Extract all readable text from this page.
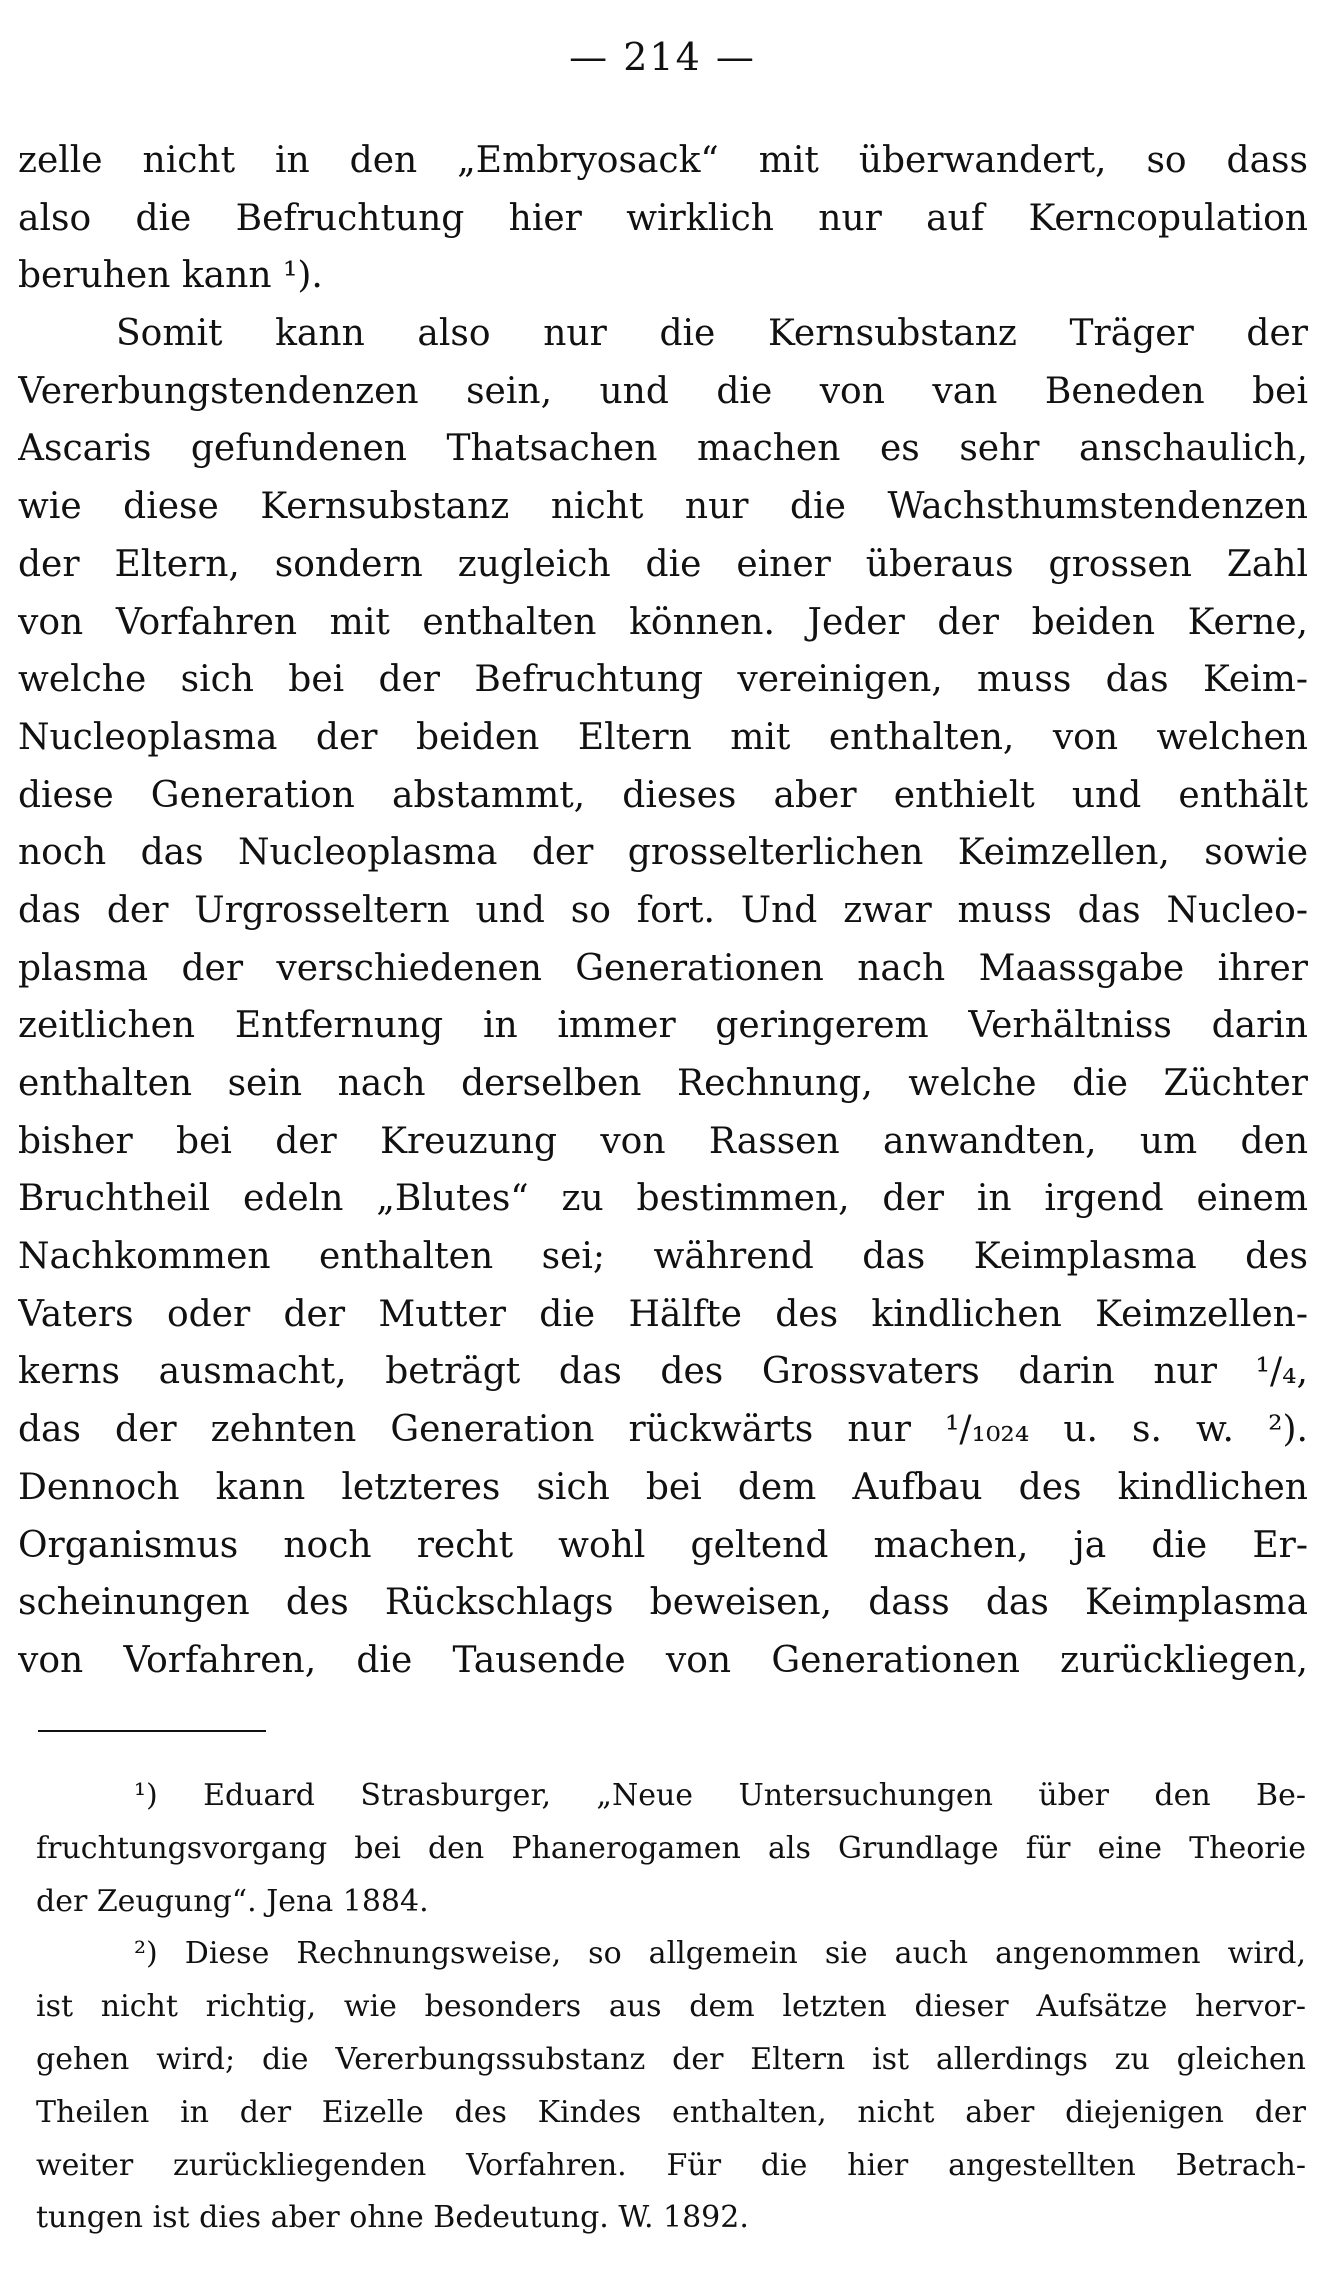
— 214 —
zelle nicht in den „Embryosack“ mit überwandert, so dass
also die Befruchtung hier wirklich nur auf Kerncopulation
beruhen kann ¹).
Somit kann also nur die Kernsubstanz Träger der
Vererbungstendenzen sein, und die von van Beneden bei
Ascaris gefundenen Thatsachen machen es sehr anschaulich,
wie diese Kernsubstanz nicht nur die Wachsthumstendenzen
der Eltern, sondern zugleich die einer überaus grossen Zahl
von Vorfahren mit enthalten können. Jeder der beiden Kerne,
welche sich bei der Befruchtung vereinigen, muss das Keim-
Nucleoplasma der beiden Eltern mit enthalten, von welchen
diese Generation abstammt, dieses aber enthielt und enthält
noch das Nucleoplasma der grosselterlichen Keimzellen, sowie
das der Urgrosseltern und so fort. Und zwar muss das Nucleo-
plasma der verschiedenen Generationen nach Maassgabe ihrer
zeitlichen Entfernung in immer geringerem Verhältniss darin
enthalten sein nach derselben Rechnung, welche die Züchter
bisher bei der Kreuzung von Rassen anwandten, um den
Bruchtheil edeln „Blutes“ zu bestimmen, der in irgend einem
Nachkommen enthalten sei; während das Keimplasma des
Vaters oder der Mutter die Hälfte des kindlichen Keimzellen-
kerns ausmacht, beträgt das des Grossvaters darin nur ¹/₄,
das der zehnten Generation rückwärts nur ¹/₁₀₂₄ u. s. w. ²).
Dennoch kann letzteres sich bei dem Aufbau des kindlichen
Organismus noch recht wohl geltend machen, ja die Er-
scheinungen des Rückschlags beweisen, dass das Keimplasma
von Vorfahren, die Tausende von Generationen zurückliegen,
¹) Eduard Strasburger, „Neue Untersuchungen über den Be-
fruchtungsvorgang bei den Phanerogamen als Grundlage für eine Theorie
der Zeugung“. Jena 1884.
²) Diese Rechnungsweise, so allgemein sie auch angenommen wird,
ist nicht richtig, wie besonders aus dem letzten dieser Aufsätze hervor-
gehen wird; die Vererbungssubstanz der Eltern ist allerdings zu gleichen
Theilen in der Eizelle des Kindes enthalten, nicht aber diejenigen der
weiter zurückliegenden Vorfahren. Für die hier angestellten Betrach-
tungen ist dies aber ohne Bedeutung. W. 1892.
